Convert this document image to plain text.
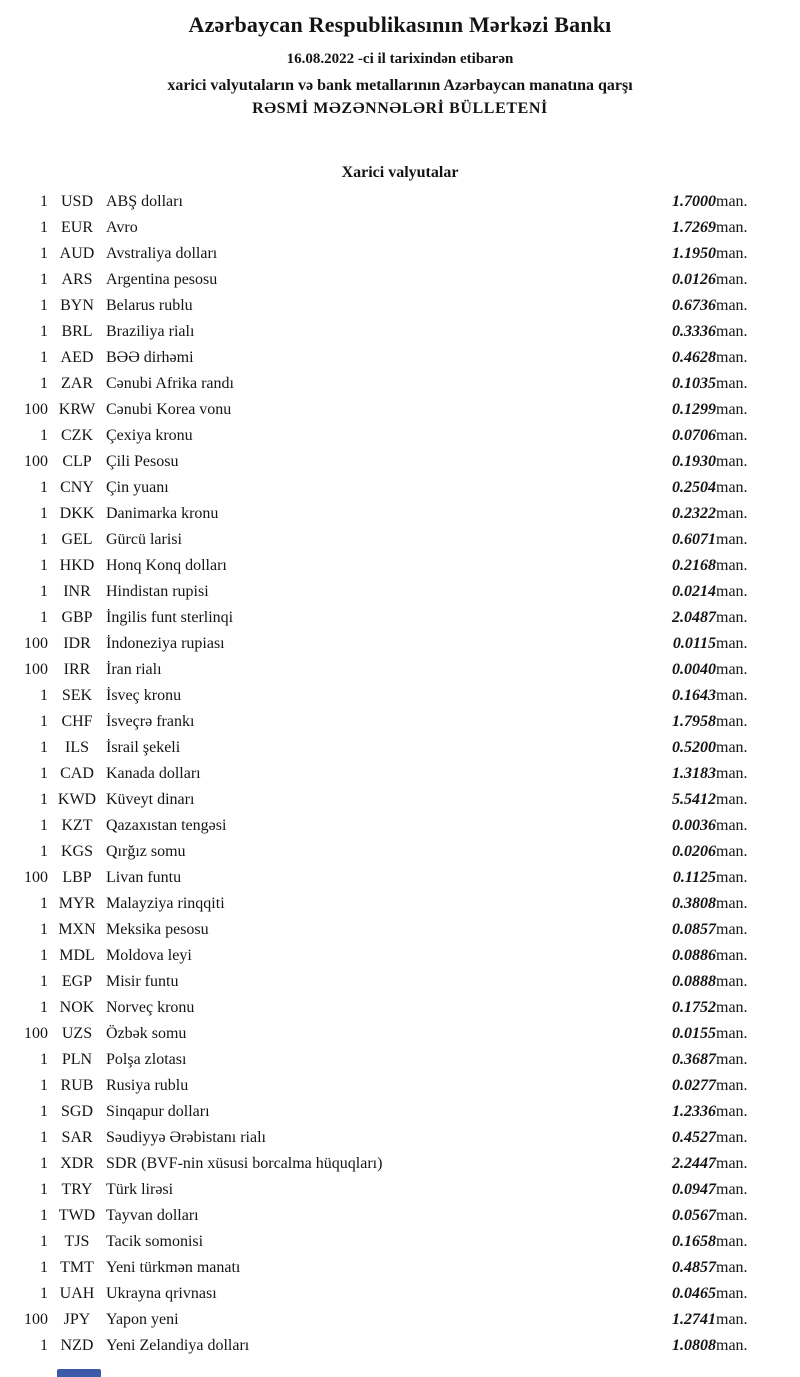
Azərbaycan Respublikasının Mərkəzi Bankı
16.08.2022 -ci il tarixindən etibarən
xarici valyutaların və bank metallarının Azərbaycan manatına qarşı
RƏSMİ MƏZƏNNƏLƏRİ BÜLLETENİ
Xarici valyutalar
1	USD	ABŞ dolları	1.7000	man.
1	EUR	Avro	1.7269	man.
1	AUD	Avstraliya dolları	1.1950	man.
1	ARS	Argentina pesosu	0.0126	man.
1	BYN	Belarus rublu	0.6736	man.
1	BRL	Braziliya rialı	0.3336	man.
1	AED	BƏƏ dirhəmi	0.4628	man.
1	ZAR	Cənubi Afrika randı	0.1035	man.
100	KRW	Cənubi Korea vonu	0.1299	man.
1	CZK	Çexiya kronu	0.0706	man.
100	CLP	Çili Pesosu	0.1930	man.
1	CNY	Çin yuanı	0.2504	man.
1	DKK	Danimarka kronu	0.2322	man.
1	GEL	Gürcü larisi	0.6071	man.
1	HKD	Honq Konq dolları	0.2168	man.
1	INR	Hindistan rupisi	0.0214	man.
1	GBP	İngilis funt sterlinqi	2.0487	man.
100	IDR	İndoneziya rupiası	0.0115	man.
100	IRR	İran rialı	0.0040	man.
1	SEK	İsveç kronu	0.1643	man.
1	CHF	İsveçrə frankı	1.7958	man.
1	ILS	İsrail şekeli	0.5200	man.
1	CAD	Kanada dolları	1.3183	man.
1	KWD	Küveyt dinarı	5.5412	man.
1	KZT	Qazaxıstan tengəsi	0.0036	man.
1	KGS	Qırğız somu	0.0206	man.
100	LBP	Livan funtu	0.1125	man.
1	MYR	Malayziya rinqqiti	0.3808	man.
1	MXN	Meksika pesosu	0.0857	man.
1	MDL	Moldova leyi	0.0886	man.
1	EGP	Misir funtu	0.0888	man.
1	NOK	Norveç kronu	0.1752	man.
100	UZS	Özbək somu	0.0155	man.
1	PLN	Polşa zlotası	0.3687	man.
1	RUB	Rusiya rublu	0.0277	man.
1	SGD	Sinqapur dolları	1.2336	man.
1	SAR	Səudiyyə Ərəbistanı rialı	0.4527	man.
1	XDR	SDR (BVF-nin xüsusi borcalma hüquqları)	2.2447	man.
1	TRY	Türk lirəsi	0.0947	man.
1	TWD	Tayvan dolları	0.0567	man.
1	TJS	Tacik somonisi	0.1658	man.
1	TMT	Yeni türkmən manatı	0.4857	man.
1	UAH	Ukrayna qrivnası	0.0465	man.
100	JPY	Yapon yeni	1.2741	man.
1	NZD	Yeni Zelandiya dolları	1.0808	man.
